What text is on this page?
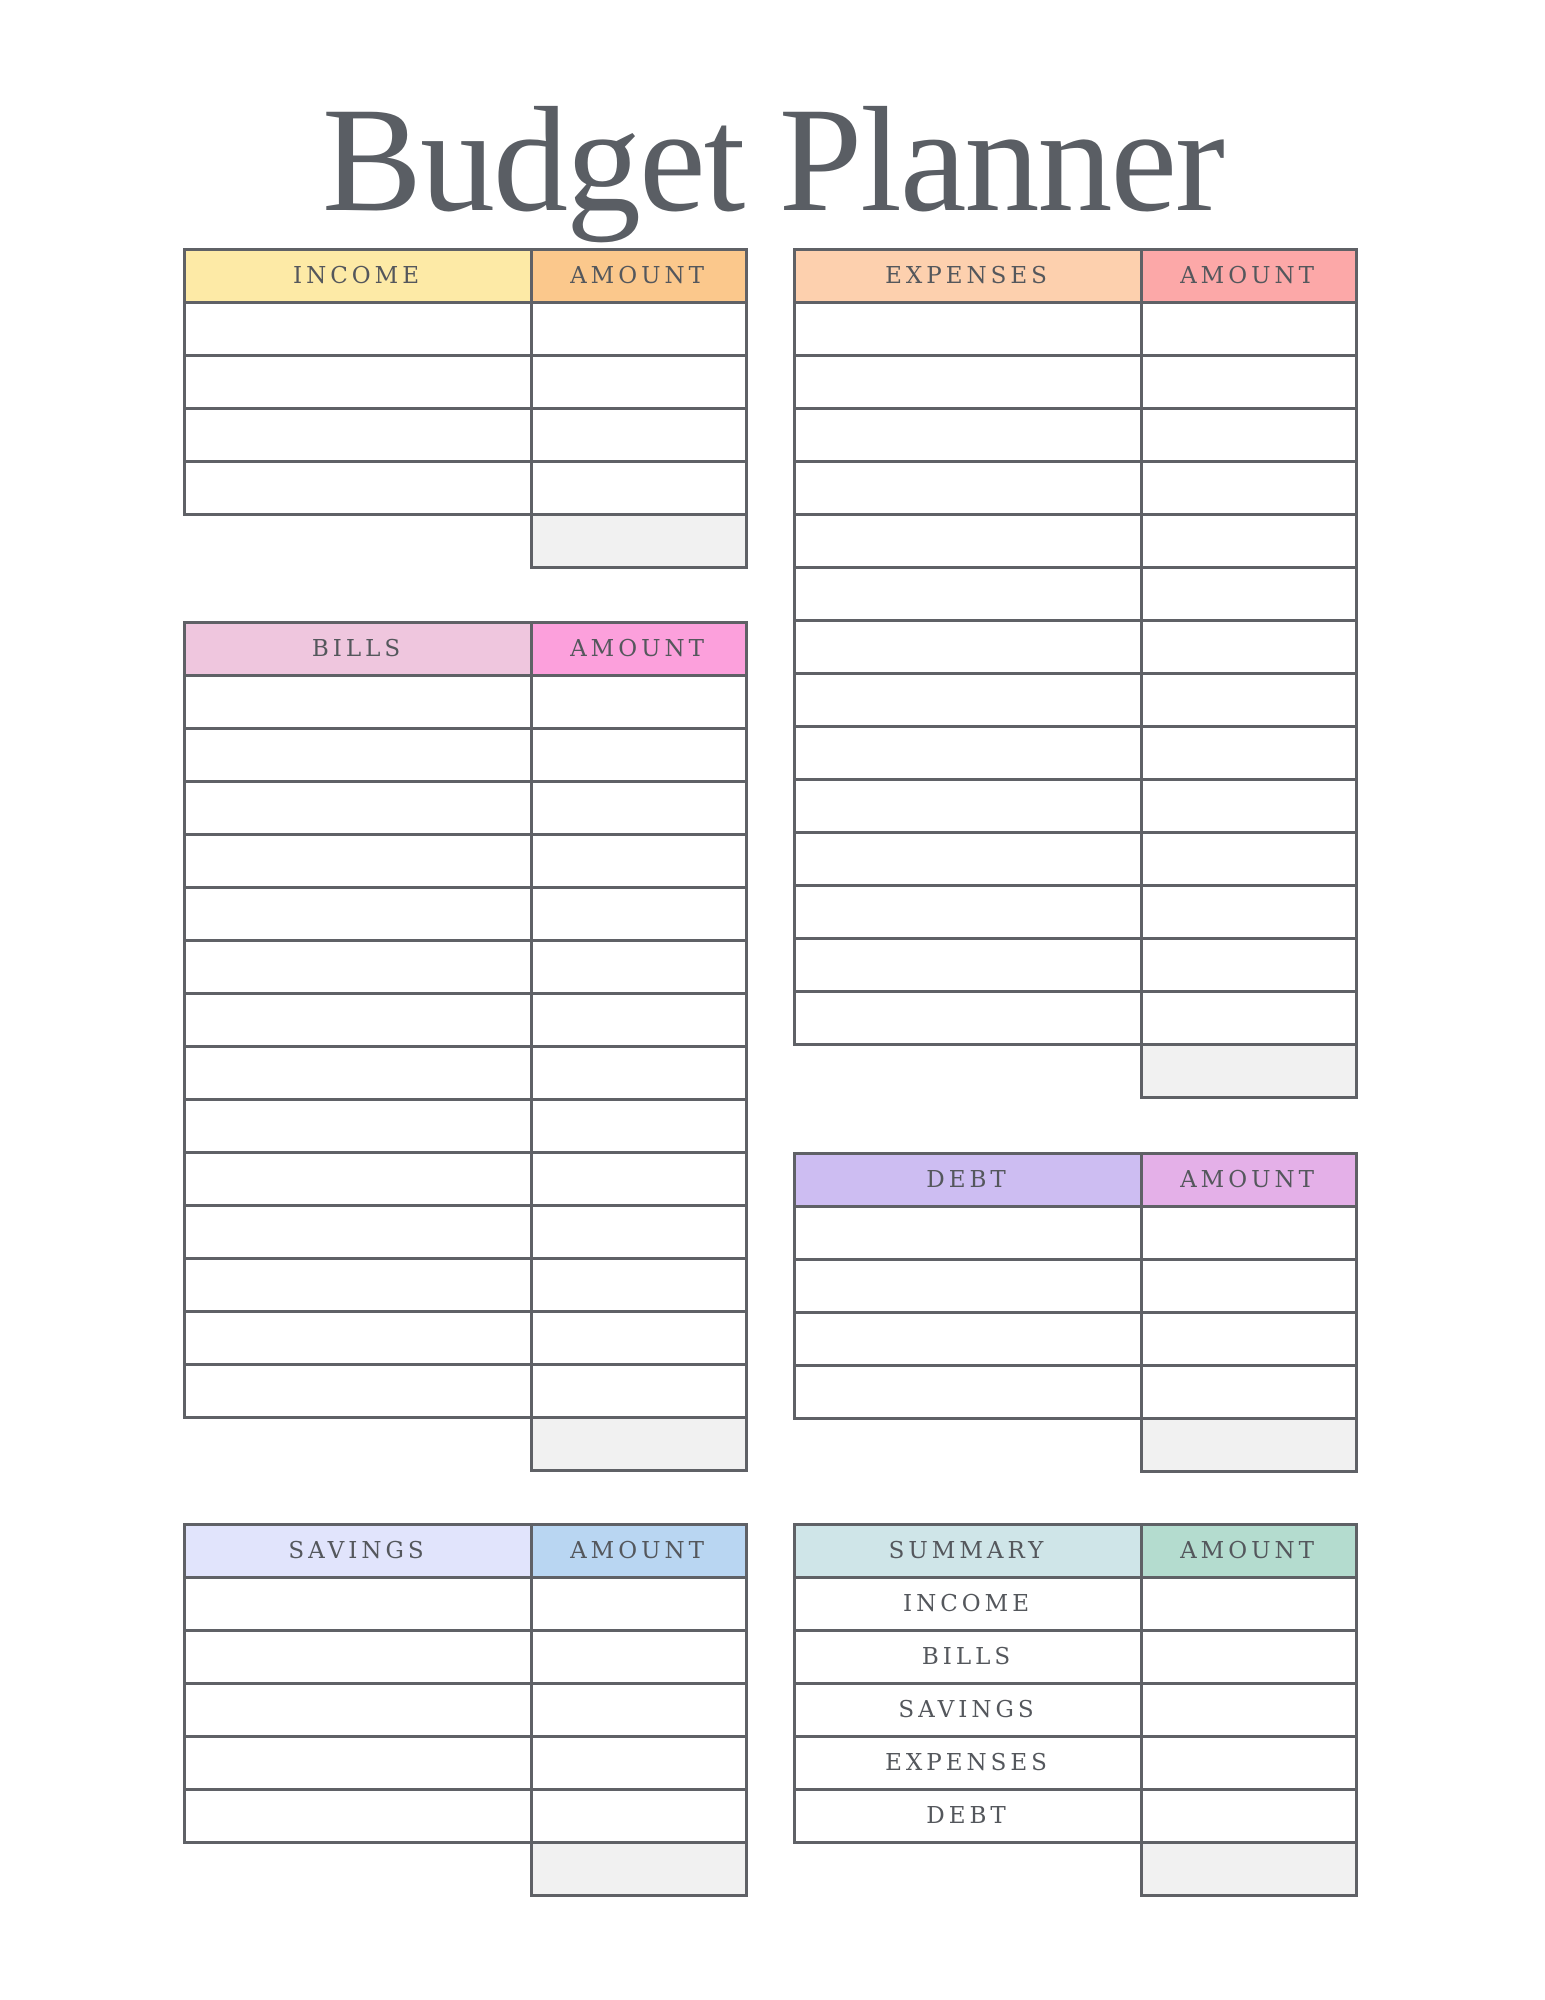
Budget Planner
INCOME	AMOUNT

BILLS	AMOUNT

SAVINGS	AMOUNT

EXPENSES	AMOUNT

DEBT	AMOUNT

SUMMARY	AMOUNT
INCOME	
BILLS	
SAVINGS	
EXPENSES	
DEBT	
